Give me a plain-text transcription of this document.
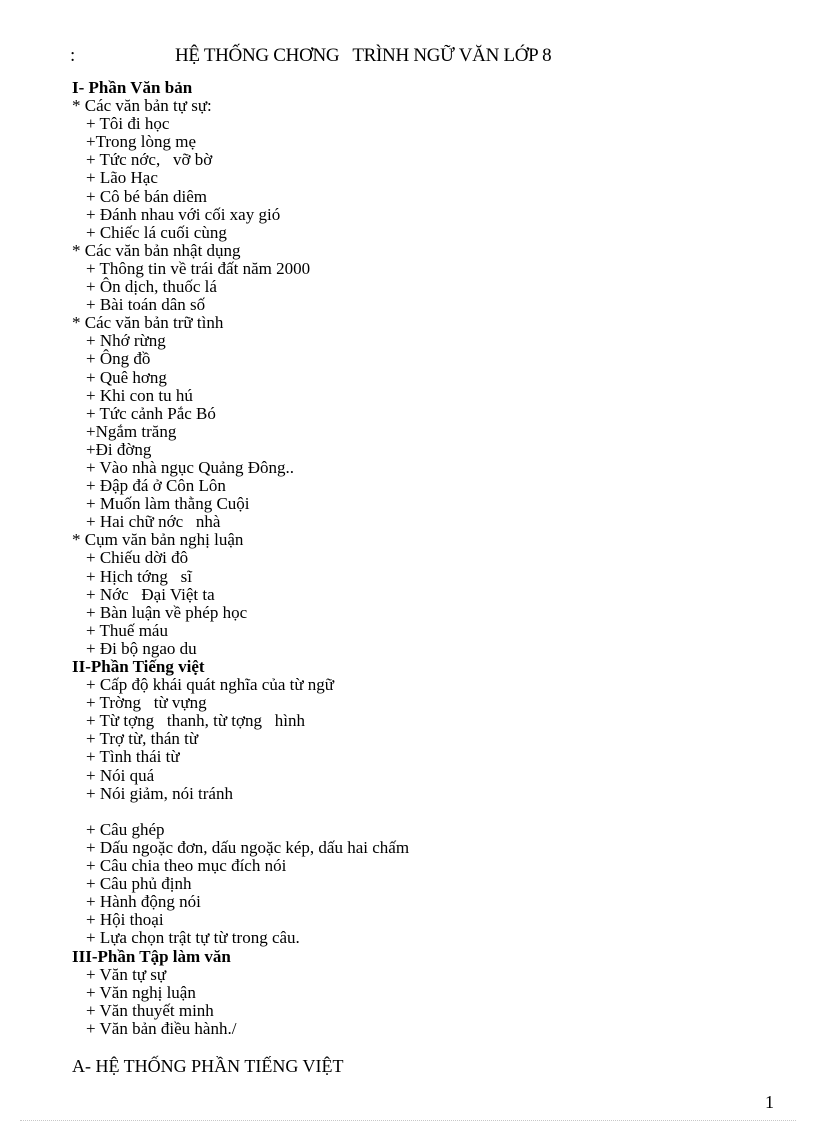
:	HỆ THỐNG CHƠNG   TRÌNH NGỮ VĂN LỚP 8
I- Phần Văn bản
* Các văn bản tự sự:
+ Tôi đi học
+Trong lòng mẹ
+ Tức nớc,   vỡ bờ
+ Lão Hạc
+ Cô bé bán diêm
+ Đánh nhau với cối xay gió
+ Chiếc lá cuối cùng
* Các văn bản nhật dụng
+ Thông tin về trái đất năm 2000
+ Ôn dịch, thuốc lá
+ Bài toán dân số
* Các văn bản trữ tình
+ Nhớ rừng
+ Ông đồ
+ Quê hơng
+ Khi con tu hú
+ Tức cảnh Pắc Bó
+Ngắm trăng
+Đi đờng
+ Vào nhà ngục Quảng Đông..
+ Đập đá ở Côn Lôn
+ Muốn làm thằng Cuội
+ Hai chữ nớc   nhà
* Cụm văn bản nghị luận
+ Chiếu dời đô
+ Hịch tớng   sĩ
+ Nớc   Đại Việt ta
+ Bàn luận về phép học
+ Thuế máu
+ Đi bộ ngao du
II-Phần Tiếng việt
+ Cấp độ khái quát nghĩa của từ ngữ
+ Trờng   từ vựng
+ Từ tợng   thanh, từ tợng   hình
+ Trợ từ, thán từ
+ Tình thái từ
+ Nói quá
+ Nói giảm, nói tránh
+ Câu ghép
+ Dấu ngoặc đơn, dấu ngoặc kép, dấu hai chấm
+ Câu chia theo mục đích nói
+ Câu phủ định
+ Hành động nói
+ Hội thoại
+ Lựa chọn trật tự từ trong câu.
III-Phần Tập làm văn
+ Văn tự sự
+ Văn nghị luận
+ Văn thuyết minh
+ Văn bản điều hành./
A- HỆ THỐNG PHẦN TIẾNG VIỆT
1
